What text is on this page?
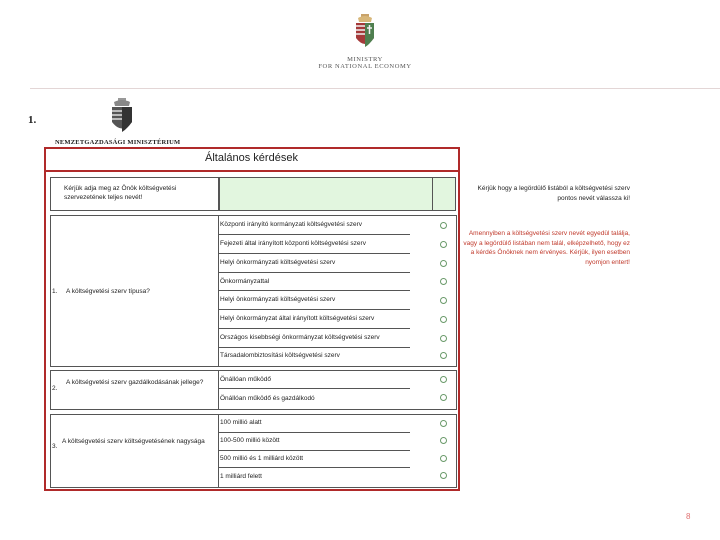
MINISTRY
FOR NATIONAL ECONOMY
1.
NEMZETGAZDASÁGI MINISZTÉRIUM
Általános kérdések
Kérjük adja meg az Önök költségvetési szervezetének teljes nevét!
1. A költségvetési szerv típusa?
Központi irányító kormányzati költségvetési szerv
Fejezeti által irányított központi költségvetési szerv
Helyi önkormányzati költségvetési szerv
Önkormányzattal
Helyi önkormányzati költségvetési szerv
Helyi önkormányzat által irányított költségvetési szerv
Országos kisebbségi önkormányzat költségvetési szerv
Társadalombiztosítási költségvetési szerv
2.
A költségvetési szerv gazdálkodásának jellege?	Önállóan működő
Önállóan működő és gazdálkodó
3.
A költségvetési szerv költségvetésének nagysága
100 millió alatt
100-500 millió között
500 millió és 1 milliárd között
1 milliárd felett
Kérjük hogy a legördülő listából a költségvetési szerv pontos nevét válassza ki!
Amennyiben a költségvetési szerv nevét egyedül találja, vagy a legördülő listában nem talál, elképzelhető, hogy ez a kérdés Önöknek nem érvényes. Kérjük, ilyen esetben nyomjon entert!
8
